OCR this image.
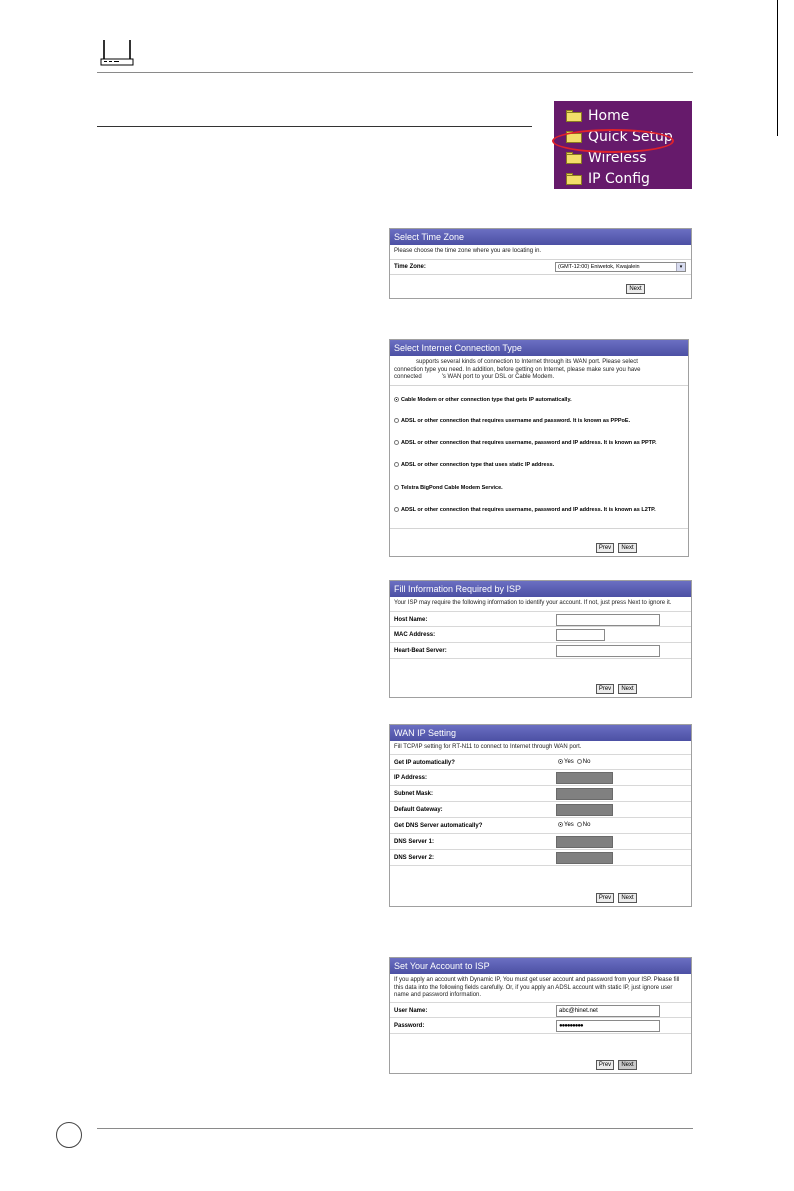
Home
Quick Setup
Wireless
IP Config
Select Time Zone
Please choose the time zone where you are locating in.
Time Zone:	(GMT-12:00) Eniwetok, Kwajalein	▾
Next
Select Internet Connection Type
supports several kinds of connection to Internet through its WAN port. Please select
connection type you need. In addition, before getting on Internet, please make sure you have
connected	's WAN port to your DSL or Cable Modem.
Cable Modem or other connection type that gets IP automatically.
ADSL or other connection that requires username and password. It is known as PPPoE.
ADSL or other connection that requires username, password and IP address. It is known as PPTP.
ADSL or other connection type that uses static IP address.
Telstra BigPond Cable Modem Service.
ADSL or other connection that requires username, password and IP address. It is known as L2TP.
Prev	Next
Fill Information Required by ISP
Your ISP may require the following information to identify your account. If not, just press Next to ignore it.
Host Name:
MAC Address:
Heart-Beat Server:
Prev	Next
WAN IP Setting
Fill TCP/IP setting for RT-N11 to connect to Internet through WAN port.
Get IP automatically?	Yes No
IP Address:
Subnet Mask:
Default Gateway:
Get DNS Server automatically?	Yes No
DNS Server 1:
DNS Server 2:
Prev	Next
Set Your Account to ISP
If you apply an account with Dynamic IP, You must get user account and password from your ISP. Please fill this data into the following fields carefully. Or, if you apply an ADSL account with static IP, just ignore user name and password information.
User Name:	abc@hinet.net
Password:	●●●●●●●●●
Prev	Next
